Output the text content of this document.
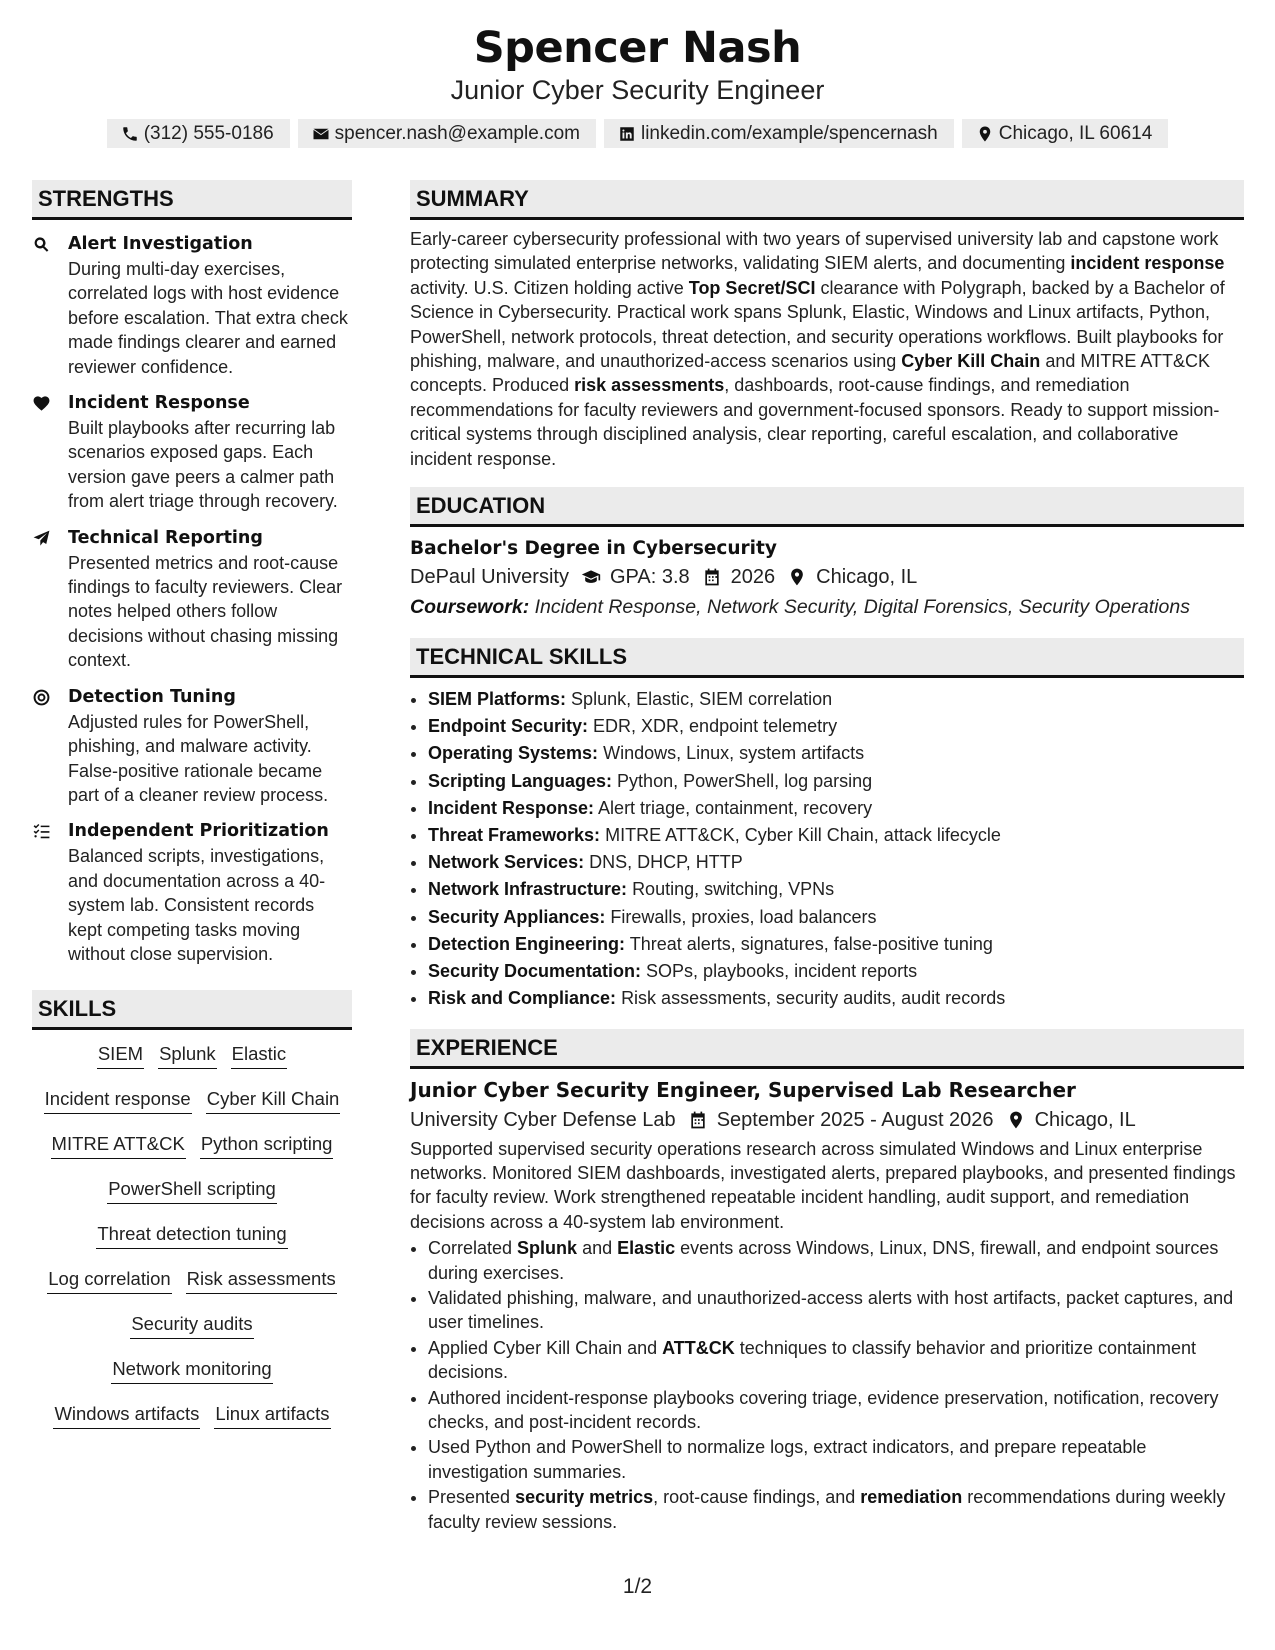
Spencer Nash
Junior Cyber Security Engineer
(312) 555-0186	spencer.nash@example.com	linkedin.com/example/spencernash	Chicago, IL 60614
STRENGTHS
Alert Investigation
During multi-day exercises, correlated logs with host evidence before escalation. That extra check made findings clearer and earned reviewer confidence.
Incident Response
Built playbooks after recurring lab scenarios exposed gaps. Each version gave peers a calmer path from alert triage through recovery.
Technical Reporting
Presented metrics and root-cause findings to faculty reviewers. Clear notes helped others follow decisions without chasing missing context.
Detection Tuning
Adjusted rules for PowerShell, phishing, and malware activity. False-positive rationale became part of a cleaner review process.
Independent Prioritization
Balanced scripts, investigations, and documentation across a 40-system lab. Consistent records kept competing tasks moving without close supervision.
SKILLS
SIEM Splunk Elastic
Incident response Cyber Kill Chain
MITRE ATT&CK Python scripting
PowerShell scripting
Threat detection tuning
Log correlation Risk assessments
Security audits
Network monitoring
Windows artifacts Linux artifacts
SUMMARY
Early-career cybersecurity professional with two years of supervised university lab and capstone work protecting simulated enterprise networks, validating SIEM alerts, and documenting incident response activity. U.S. Citizen holding active Top Secret/SCI clearance with Polygraph, backed by a Bachelor of Science in Cybersecurity. Practical work spans Splunk, Elastic, Windows and Linux artifacts, Python, PowerShell, network protocols, threat detection, and security operations workflows. Built playbooks for phishing, malware, and unauthorized-access scenarios using Cyber Kill Chain and MITRE ATT&CK concepts. Produced risk assessments, dashboards, root-cause findings, and remediation recommendations for faculty reviewers and government-focused sponsors. Ready to support mission-critical systems through disciplined analysis, clear reporting, careful escalation, and collaborative incident response.
EDUCATION
Bachelor's Degree in Cybersecurity
DePaul University GPA: 3.8 2026 Chicago, IL
Coursework: Incident Response, Network Security, Digital Forensics, Security Operations
TECHNICAL SKILLS
• SIEM Platforms: Splunk, Elastic, SIEM correlation
• Endpoint Security: EDR, XDR, endpoint telemetry
• Operating Systems: Windows, Linux, system artifacts
• Scripting Languages: Python, PowerShell, log parsing
• Incident Response: Alert triage, containment, recovery
• Threat Frameworks: MITRE ATT&CK, Cyber Kill Chain, attack lifecycle
• Network Services: DNS, DHCP, HTTP
• Network Infrastructure: Routing, switching, VPNs
• Security Appliances: Firewalls, proxies, load balancers
• Detection Engineering: Threat alerts, signatures, false-positive tuning
• Security Documentation: SOPs, playbooks, incident reports
• Risk and Compliance: Risk assessments, security audits, audit records
EXPERIENCE
Junior Cyber Security Engineer, Supervised Lab Researcher
University Cyber Defense Lab September 2025 - August 2026 Chicago, IL
Supported supervised security operations research across simulated Windows and Linux enterprise networks. Monitored SIEM dashboards, investigated alerts, prepared playbooks, and presented findings for faculty review. Work strengthened repeatable incident handling, audit support, and remediation decisions across a 40-system lab environment.
• Correlated Splunk and Elastic events across Windows, Linux, DNS, firewall, and endpoint sources during exercises.
• Validated phishing, malware, and unauthorized-access alerts with host artifacts, packet captures, and user timelines.
• Applied Cyber Kill Chain and ATT&CK techniques to classify behavior and prioritize containment decisions.
• Authored incident-response playbooks covering triage, evidence preservation, notification, recovery checks, and post-incident records.
• Used Python and PowerShell to normalize logs, extract indicators, and prepare repeatable investigation summaries.
• Presented security metrics, root-cause findings, and remediation recommendations during weekly faculty review sessions.
1/2
